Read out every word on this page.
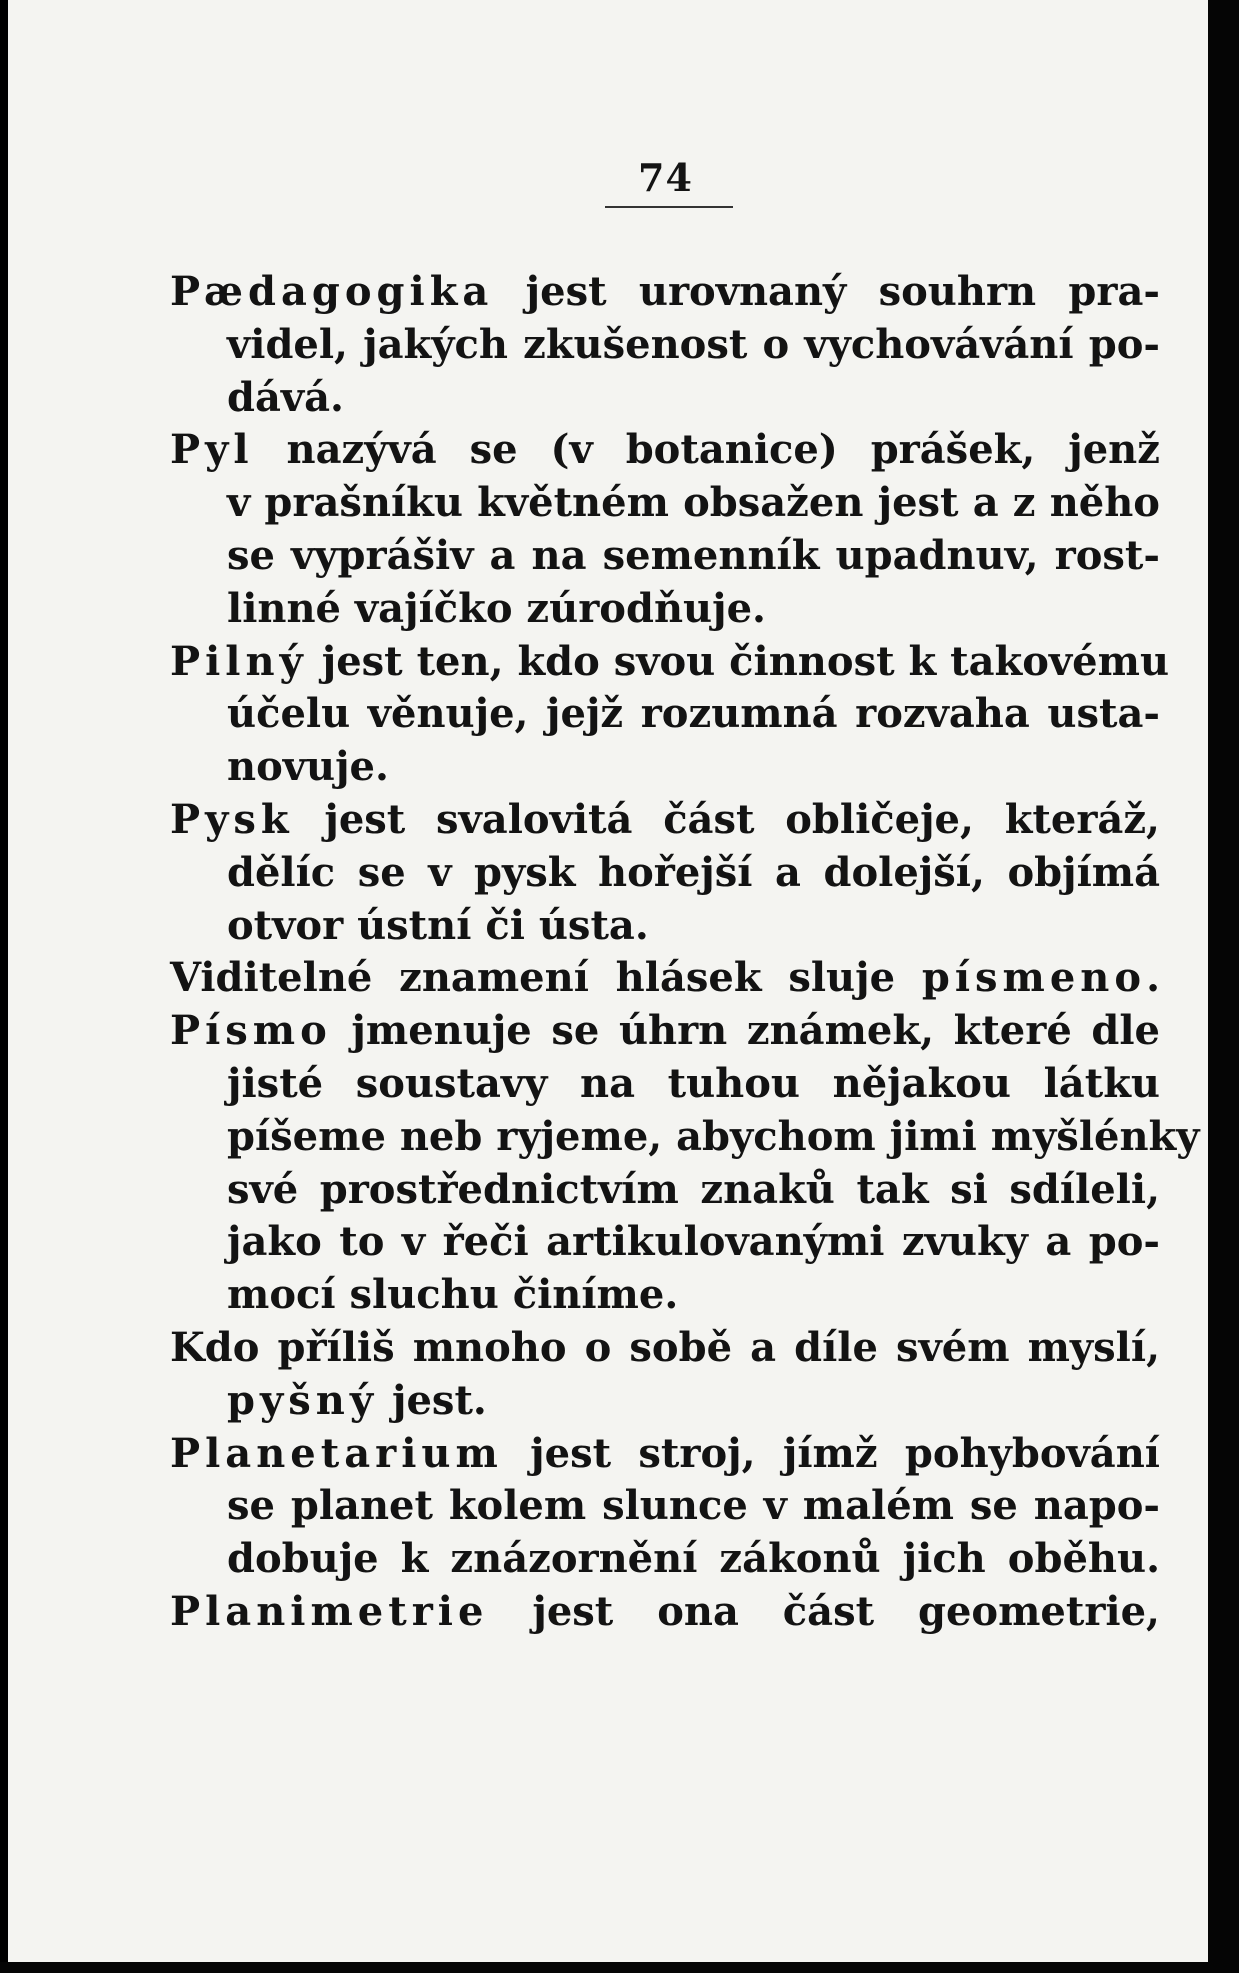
74
Pædagogika jest urovnaný souhrn pra-
videl, jakých zkušenost o vychovávání po-
dává.
Pyl nazývá se (v botanice) prášek, jenž
v prašníku květném obsažen jest a z něho
se vyprášiv a na semenník upadnuv, rost-
linné vajíčko zúrodňuje.
Pilný jest ten, kdo svou činnost k takovému
účelu věnuje, jejž rozumná rozvaha usta-
novuje.
Pysk jest svalovitá část obličeje, kteráž,
dělíc se v pysk hořejší a dolejší, objímá
otvor ústní či ústa.
Viditelné znamení hlásek sluje písmeno.
Písmo jmenuje se úhrn známek, které dle
jisté soustavy na tuhou nějakou látku
píšeme neb ryjeme, abychom jimi myšlénky
své prostřednictvím znaků tak si sdíleli,
jako to v řeči artikulovanými zvuky a po-
mocí sluchu činíme.
Kdo příliš mnoho o sobě a díle svém myslí,
pyšný jest.
Planetarium jest stroj, jímž pohybování
se planet kolem slunce v malém se napo-
dobuje k znázornění zákonů jich oběhu.
Planimetrie jest ona část geometrie,
